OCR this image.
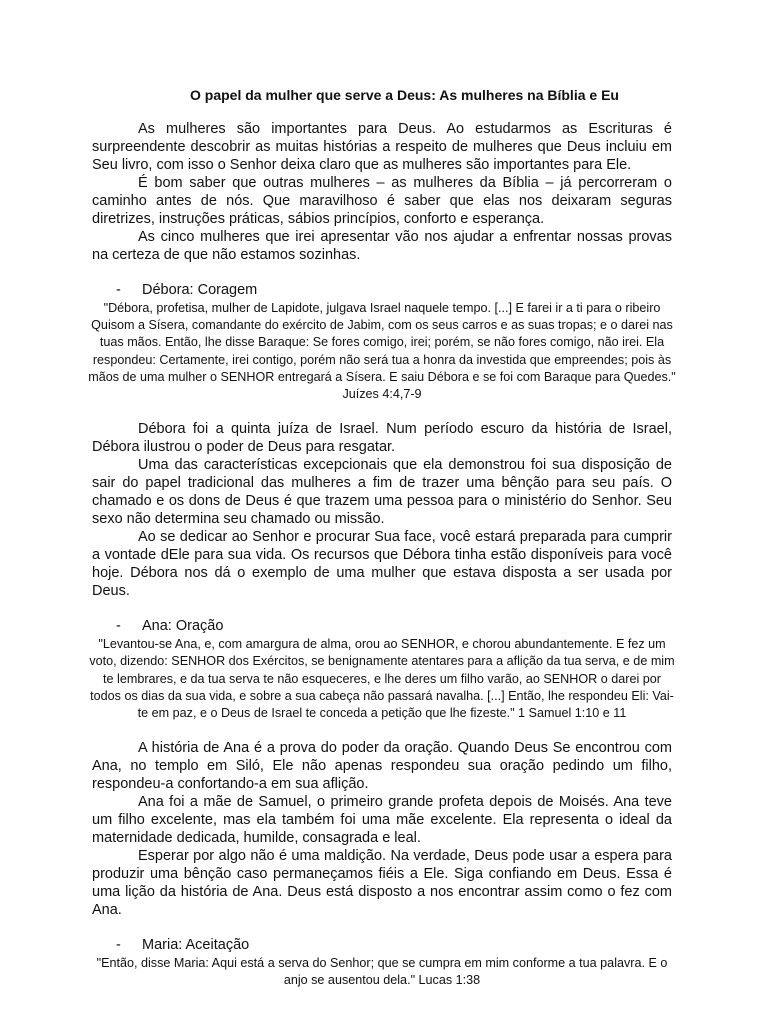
O papel da mulher que serve a Deus: As mulheres na Bíblia e Eu

As mulheres são importantes para Deus. Ao estudarmos as Escrituras é surpreendente descobrir as muitas histórias a respeito de mulheres que Deus incluiu em Seu livro, com isso o Senhor deixa claro que as mulheres são importantes para Ele.

É bom saber que outras mulheres – as mulheres da Bíblia – já percorreram o caminho antes de nós. Que maravilhoso é saber que elas nos deixaram seguras diretrizes, instruções práticas, sábios princípios, conforto e esperança.

As cinco mulheres que irei apresentar vão nos ajudar a enfrentar nossas provas na certeza de que não estamos sozinhas.

-	Débora: Coragem
"Débora, profetisa, mulher de Lapidote, julgava Israel naquele tempo. [...] E farei ir a ti para o ribeiro Quisom a Sísera, comandante do exército de Jabim, com os seus carros e as suas tropas; e o darei nas tuas mãos. Então, lhe disse Baraque: Se fores comigo, irei; porém, se não fores comigo, não irei. Ela respondeu: Certamente, irei contigo, porém não será tua a honra da investida que empreendes; pois às mãos de uma mulher o SENHOR entregará a Sísera. E saiu Débora e se foi com Baraque para Quedes." Juízes 4:4,7-9

Débora foi a quinta juíza de Israel. Num período escuro da história de Israel, Débora ilustrou o poder de Deus para resgatar.

Uma das características excepcionais que ela demonstrou foi sua disposição de sair do papel tradicional das mulheres a fim de trazer uma bênção para seu país. O chamado e os dons de Deus é que trazem uma pessoa para o ministério do Senhor. Seu sexo não determina seu chamado ou missão.

Ao se dedicar ao Senhor e procurar Sua face, você estará preparada para cumprir a vontade dEle para sua vida. Os recursos que Débora tinha estão disponíveis para você hoje. Débora nos dá o exemplo de uma mulher que estava disposta a ser usada por Deus.

-	Ana: Oração
"Levantou-se Ana, e, com amargura de alma, orou ao SENHOR, e chorou abundantemente. E fez um voto, dizendo: SENHOR dos Exércitos, se benignamente atentares para a aflição da tua serva, e de mim te lembrares, e da tua serva te não esqueceres, e lhe deres um filho varão, ao SENHOR o darei por todos os dias da sua vida, e sobre a sua cabeça não passará navalha. [...] Então, lhe respondeu Eli: Vai-te em paz, e o Deus de Israel te conceda a petição que lhe fizeste." 1 Samuel 1:10 e 11

A história de Ana é a prova do poder da oração. Quando Deus Se encontrou com Ana, no templo em Siló, Ele não apenas respondeu sua oração pedindo um filho, respondeu-a confortando-a em sua aflição.

Ana foi a mãe de Samuel, o primeiro grande profeta depois de Moisés. Ana teve um filho excelente, mas ela também foi uma mãe excelente. Ela representa o ideal da maternidade dedicada, humilde, consagrada e leal.

Esperar por algo não é uma maldição. Na verdade, Deus pode usar a espera para produzir uma bênção caso permaneçamos fiéis a Ele. Siga confiando em Deus. Essa é uma lição da história de Ana. Deus está disposto a nos encontrar assim como o fez com Ana.

-	Maria: Aceitação
"Então, disse Maria: Aqui está a serva do Senhor; que se cumpra em mim conforme a tua palavra. E o anjo se ausentou dela." Lucas 1:38
